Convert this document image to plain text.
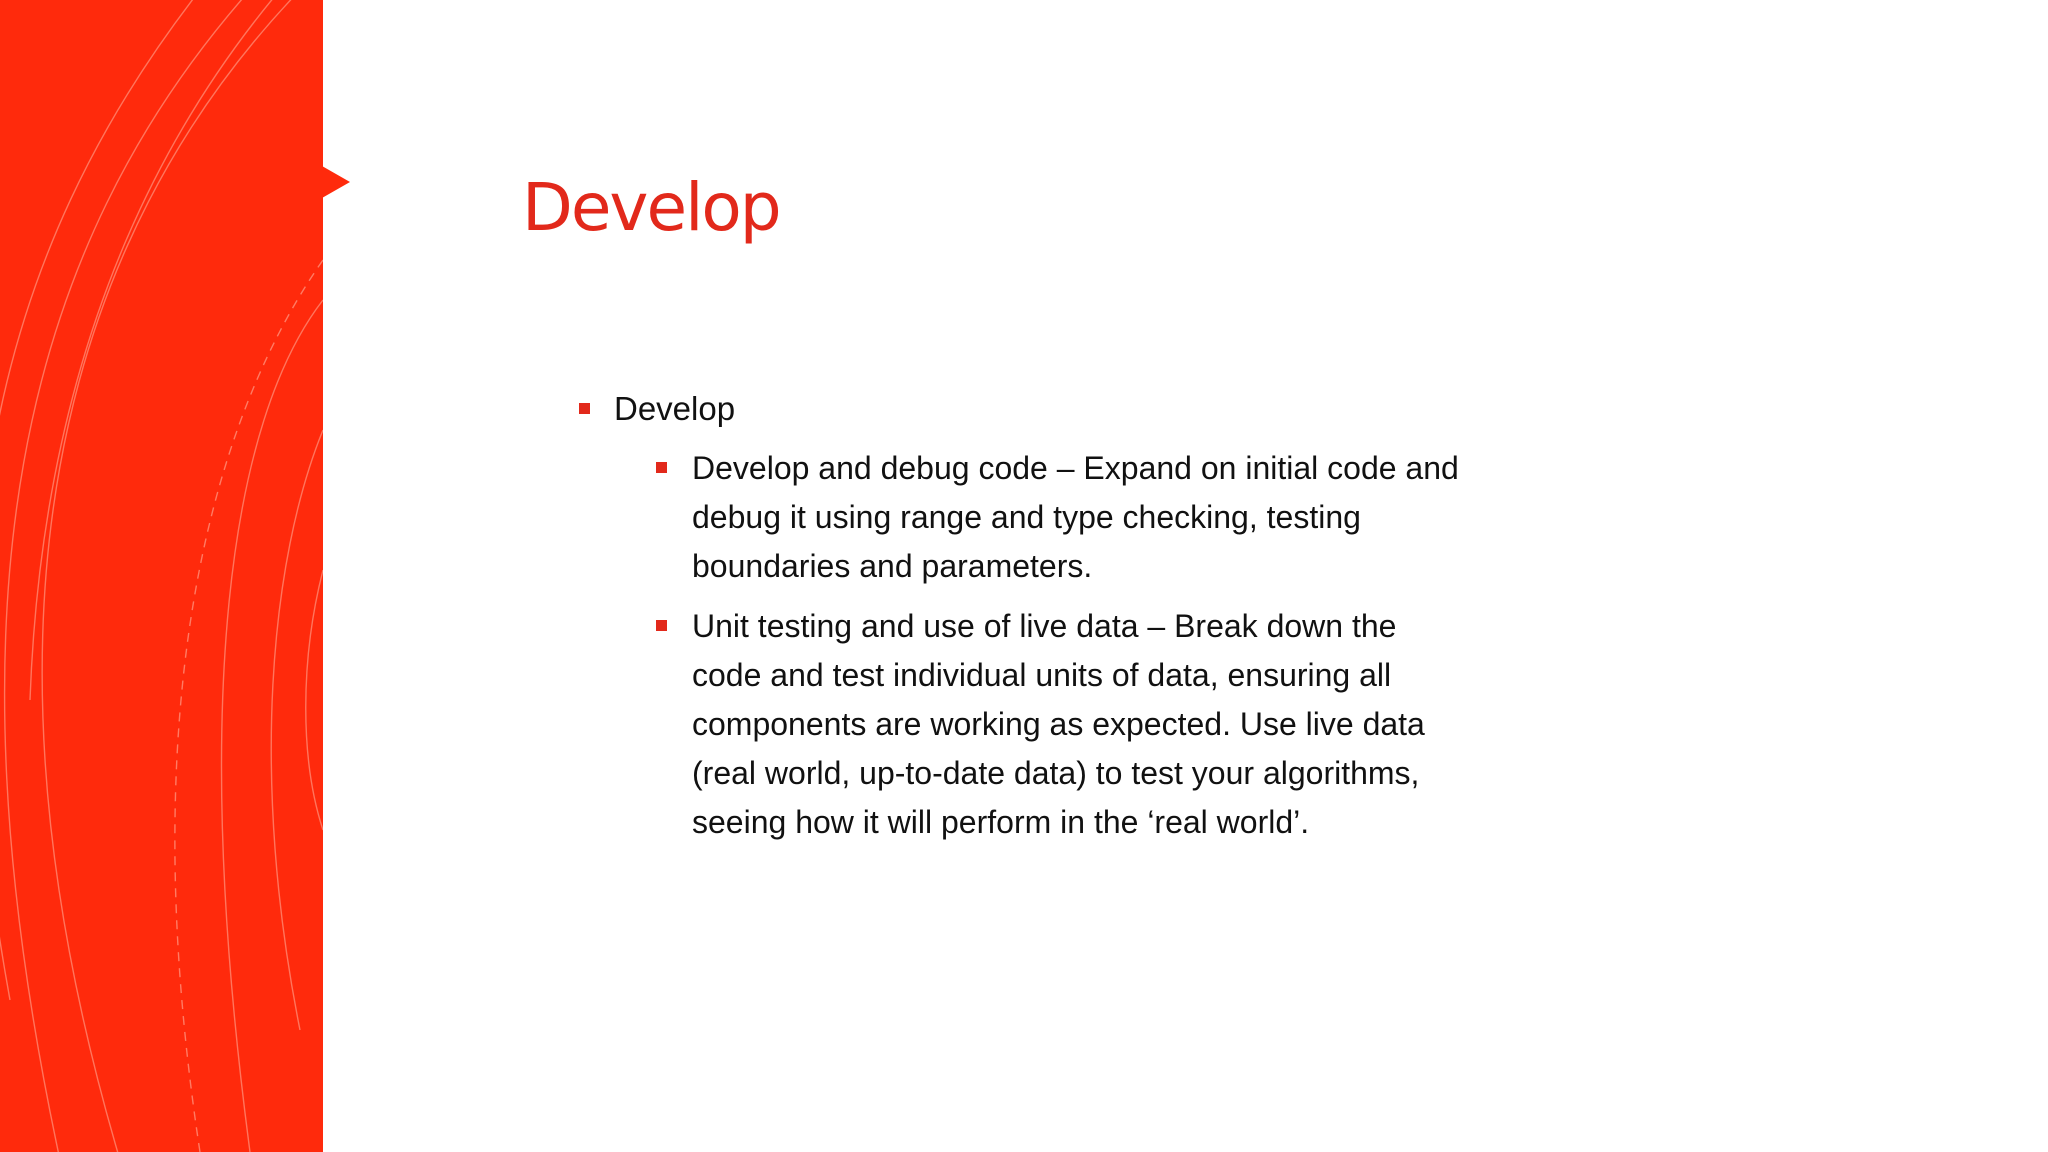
Develop
Develop
Develop and debug code – Expand on initial code and debug it using range and type checking, testing boundaries and parameters.
Unit testing and use of live data – Break down the code and test individual units of data, ensuring all components are working as expected. Use live data (real world, up-to-date data) to test your algorithms, seeing how it will perform in the ‘real world’.
